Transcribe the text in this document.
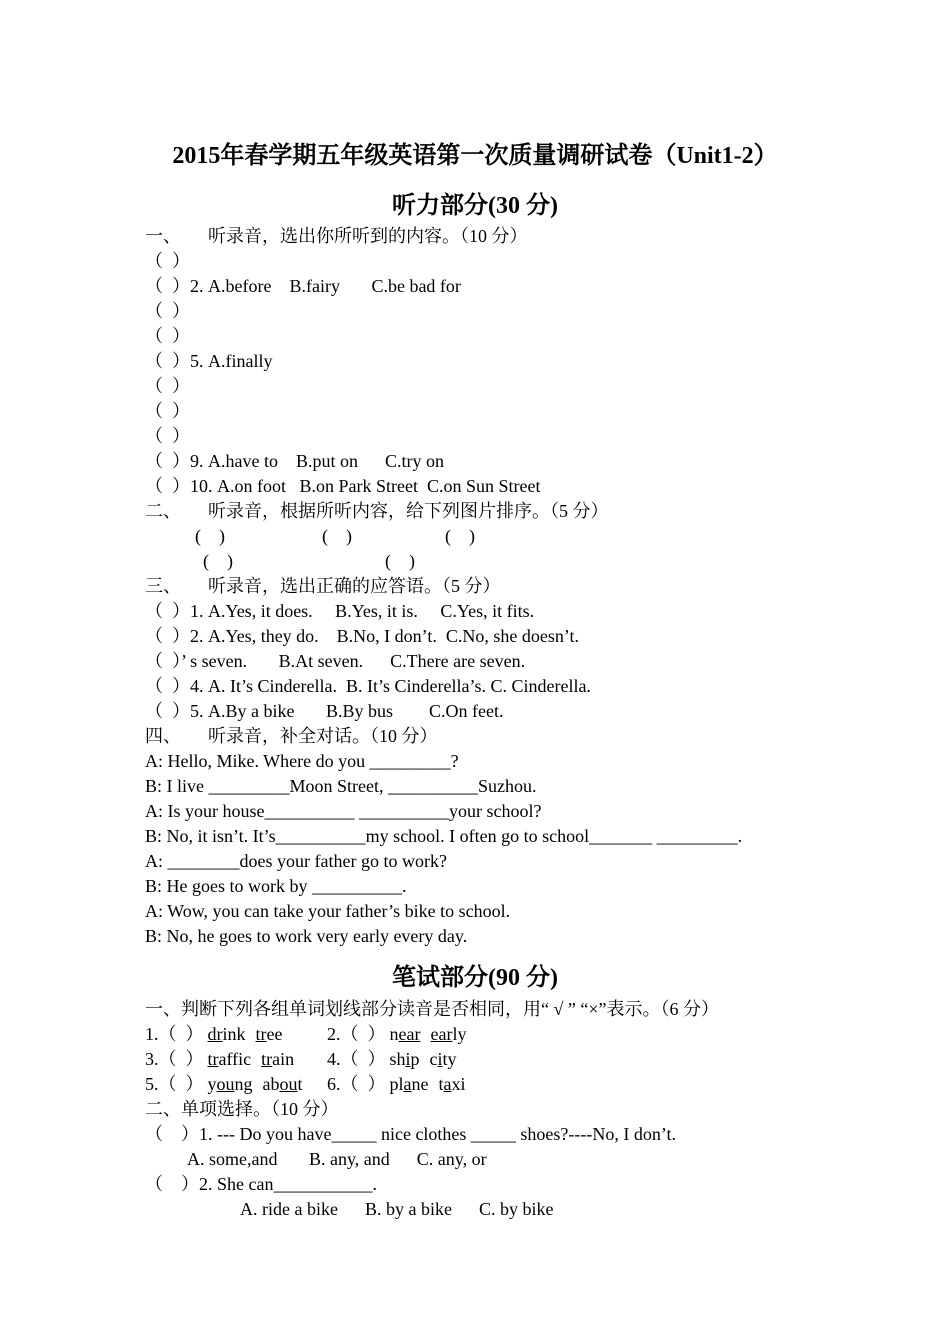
2015年春学期五年级英语第一次质量调研试卷（Unit1-2）
听力部分(30 分)
一、      听录音，选出你所听到的内容。（10 分）
（  ）
（  ）2. A.before    B.fairy       C.be bad for
（  ）
（  ）
（  ）5. A.finally
（  ）
（  ）
（  ）
（  ）9. A.have to    B.put on      C.try on
（  ）10. A.on foot   B.on Park Street  C.on Sun Street
二、      听录音，根据所听内容，给下列图片排序。（5 分）
(    )	(    )	(    )
(    )	(    )
三、      听录音，选出正确的应答语。（5 分）
（  ）1. A.Yes, it does.     B.Yes, it is.     C.Yes, it fits.
（  ）2. A.Yes, they do.    B.No, I don’t.  C.No, she doesn’t.
（  ）’ s seven.       B.At seven.      C.There are seven.
（  ）4. A. It’s Cinderella.  B. It’s Cinderella’s. C. Cinderella.
（  ）5. A.By a bike       B.By bus        C.On feet.
四、      听录音，补全对话。（10 分）
A: Hello, Mike. Where do you _________?
B: I live _________Moon Street, __________Suzhou.
A: Is your house__________ __________your school?
B: No, it isn’t. It’s__________my school. I often go to school_______ _________.
A: ________does your father go to work?
B: He goes to work by __________.
A: Wow, you can take your father’s bike to school.
B: No, he goes to work very early every day.
笔试部分(90 分)
一、判断下列各组单词划线部分读音是否相同，用“ √ ” “×”表示。（6 分）
1.（  ） drink tree 2.（  ） near early
3.（  ） traffic train 4.（  ） ship city
5.（  ） young about 6.（  ） plane taxi
二、单项选择。（10 分）
（    ）1. --- Do you have_____ nice clothes _____ shoes?----No, I don’t.
A. some,and       B. any, and      C. any, or
（    ）2. She can___________.
A. ride a bike      B. by a bike      C. by bike
